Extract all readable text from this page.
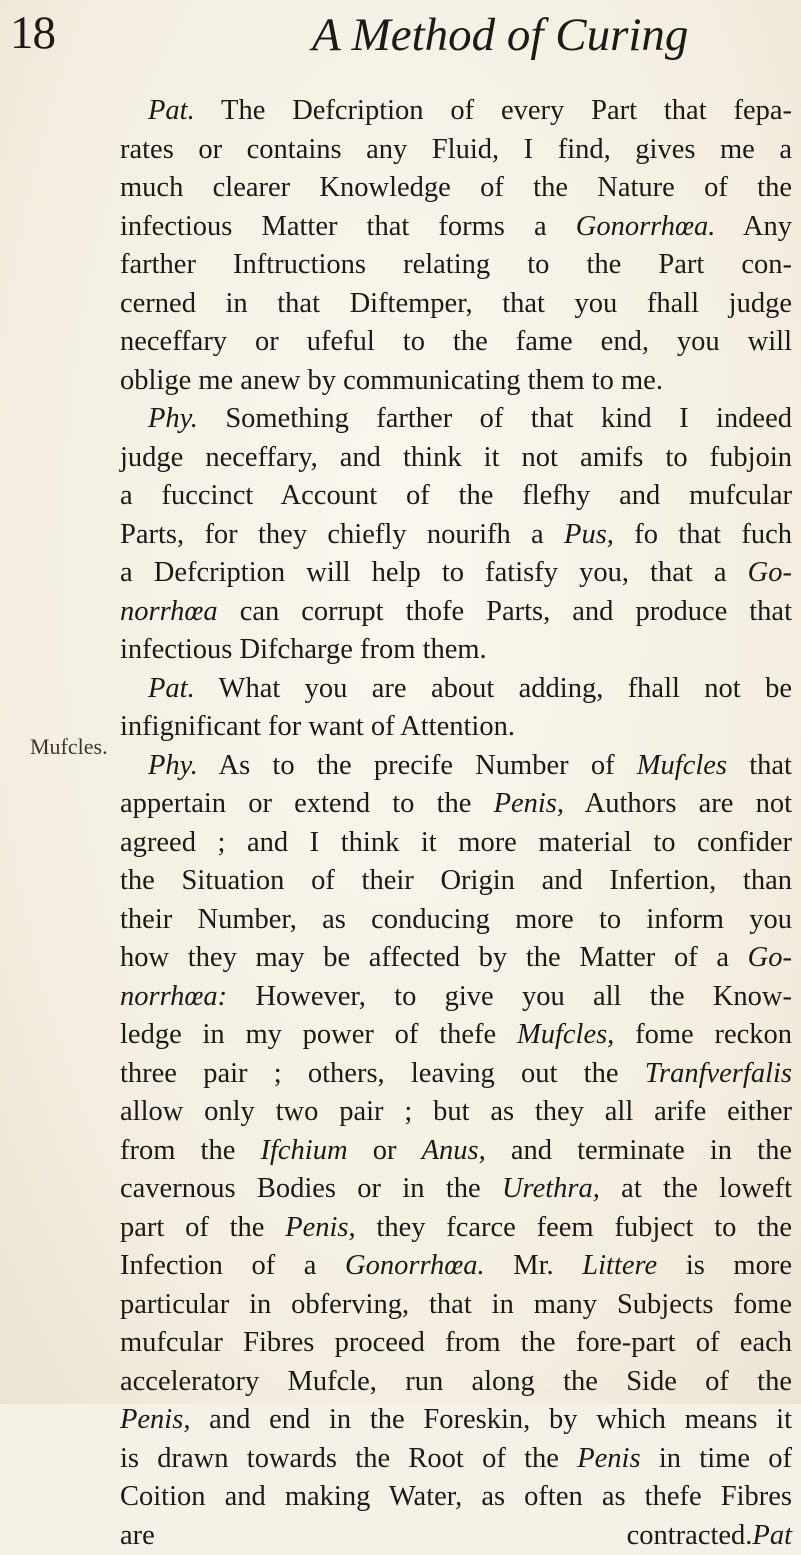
18	A Method of Curing
Mufcles.
Pat. The Defcription of every Part that fepa-
rates or contains any Fluid, I find, gives me a
much clearer Knowledge of the Nature of the
infectious Matter that forms a Gonorrhœa. Any
farther Inftructions relating to the Part con-
cerned in that Diftemper, that you fhall judge
neceffary or ufeful to the fame end, you will
oblige me anew by communicating them to me.
Phy. Something farther of that kind I indeed
judge neceffary, and think it not amifs to fubjoin
a fuccinct Account of the flefhy and mufcular
Parts, for they chiefly nourifh a Pus, fo that fuch
a Defcription will help to fatisfy you, that a Go-
norrhœa can corrupt thofe Parts, and produce that
infectious Difcharge from them.
Pat. What you are about adding, fhall not be
infignificant for want of Attention.
Phy. As to the precife Number of Mufcles that
appertain or extend to the Penis, Authors are not
agreed ; and I think it more material to confider
the Situation of their Origin and Infertion, than
their Number, as conducing more to inform you
how they may be affected by the Matter of a Go-
norrhœa: However, to give you all the Know-
ledge in my power of thefe Mufcles, fome reckon
three pair ; others, leaving out the Tranfverfalis
allow only two pair ; but as they all arife either
from the Ifchium or Anus, and terminate in the
cavernous Bodies or in the Urethra, at the loweft
part of the Penis, they fcarce feem fubject to the
Infection of a Gonorrhœa. Mr. Littere is more
particular in obferving, that in many Subjects fome
mufcular Fibres proceed from the fore-part of each
acceleratory Mufcle, run along the Side of the
Penis, and end in the Foreskin, by which means it
is drawn towards the Root of the Penis in time of
Coition and making Water, as often as thefe Fibres
are contracted.Pat
